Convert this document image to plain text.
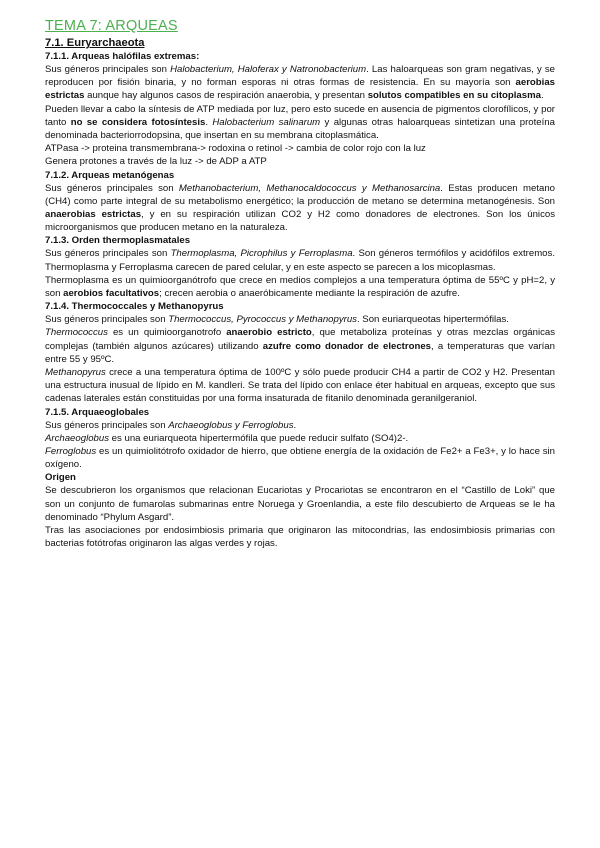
TEMA 7: ARQUEAS
7.1. Euryarchaeota
7.1.1. Arqueas halófilas extremas:

Sus géneros principales son Halobacterium, Haloferax y Natronobacterium. Las haloarqueas son gram negativas, y se reproducen por fisión binaria, y no forman esporas ni otras formas de resistencia. En su mayoría son aerobias estrictas aunque hay algunos casos de respiración anaerobia, y presentan solutos compatibles en su citoplasma.

Pueden llevar a cabo la síntesis de ATP mediada por luz, pero esto sucede en ausencia de pigmentos clorofílicos, y por tanto no se considera fotosíntesis. Halobacterium salinarum y algunas otras haloarqueas sintetizan una proteína denominada bacteriorrodopsina, que insertan en su membrana citoplasmática.

ATPasa -> proteina transmembrana-> rodoxina o retinol -> cambia de color rojo con la luz

Genera protones a través de la luz -> de ADP a ATP

7.1.2. Arqueas metanógenas

Sus géneros principales son Methanobacterium, Methanocaldococcus y Methanosarcina. Estas producen metano (CH4) como parte integral de su metabolismo energético; la producción de metano se determina metanogénesis. Son anaerobias estrictas, y en su respiración utilizan CO2 y H2 como donadores de electrones. Son los únicos microorganismos que producen metano en la naturaleza.

7.1.3. Orden thermoplasmatales

Sus géneros principales son Thermoplasma, Picrophilus y Ferroplasma. Son géneros termófilos y acidófilos extremos. Thermoplasma y Ferroplasma carecen de pared celular, y en este aspecto se parecen a los micoplasmas.

Thermoplasma es un quimioorganótrofo que crece en medios complejos a una temperatura óptima de 55ºC y pH=2, y son aerobios facultativos; crecen aerobia o anaeróbicamente mediante la respiración de azufre.

7.1.4. Thermococcales y Methanopyrus

Sus géneros principales son Thermococcus, Pyrococcus y Methanopyrus. Son euriarqueotas hipertermófilas.

Thermococcus es un quimioorganotrofo anaerobio estricto, que metaboliza proteínas y otras mezclas orgánicas complejas (también algunos azúcares) utilizando azufre como donador de electrones, a temperaturas que varían entre 55 y 95ºC.

Methanopyrus crece a una temperatura óptima de 100ºC y sólo puede producir CH4 a partir de CO2 y H2. Presentan una estructura inusual de lípido en M. kandleri. Se trata del lípido con enlace éter habitual en arqueas, excepto que sus cadenas laterales están constituidas por una forma insaturada de fitanilo denominada geranilgeraniol.

7.1.5. Arquaeoglobales

Sus géneros principales son Archaeoglobus y Ferroglobus.

Archaeoglobus es una euriarqueota hipertermófila que puede reducir sulfato (SO4)2-.

Ferroglobus es un quimiolitótrofo oxidador de hierro, que obtiene energía de la oxidación de Fe2+ a Fe3+, y lo hace sin oxígeno.

Origen

Se descubrieron los organismos que relacionan Eucariotas y Procariotas se encontraron en el “Castillo de Loki” que son un conjunto de fumarolas submarinas entre Noruega y Groenlandia, a este filo descubierto de Arqueas se le ha denominado “Phylum Asgard”.

Tras las asociaciones por endosimbiosis primaria que originaron las mitocondrias, las endosimbiosis primarias con bacterias fotótrofas originaron las algas verdes y rojas.
